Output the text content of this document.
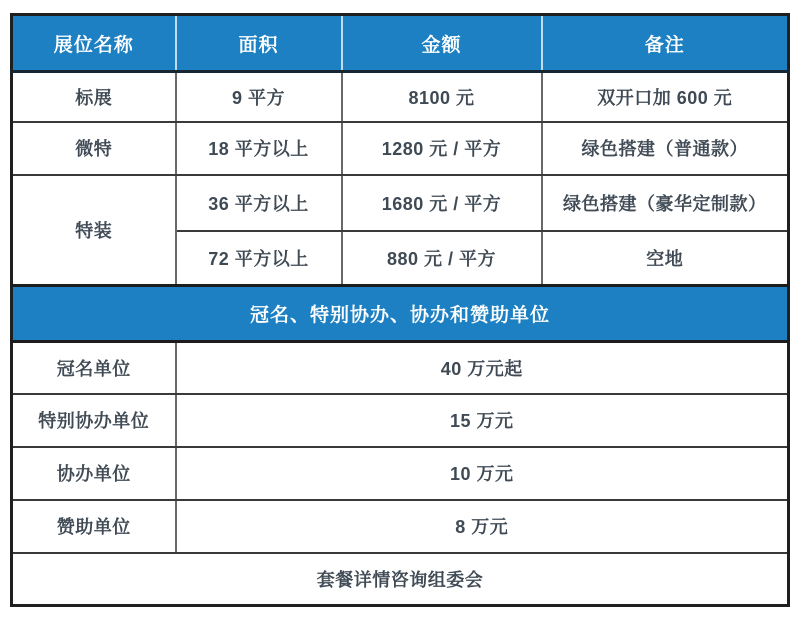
展位名称	面积	金额	备注
标展	9 平方	8100 元	双开口加 600 元
微特	18 平方以上	1280 元 / 平方	绿色搭建（普通款）
特装	36 平方以上	1680 元 / 平方	绿色搭建（豪华定制款）
	72 平方以上	880 元 / 平方	空地
冠名、特别协办、协办和赞助单位			
冠名单位	40 万元起		
特别协办单位	15 万元		
协办单位	10 万元		
赞助单位	8 万元		
套餐详情咨询组委会			
